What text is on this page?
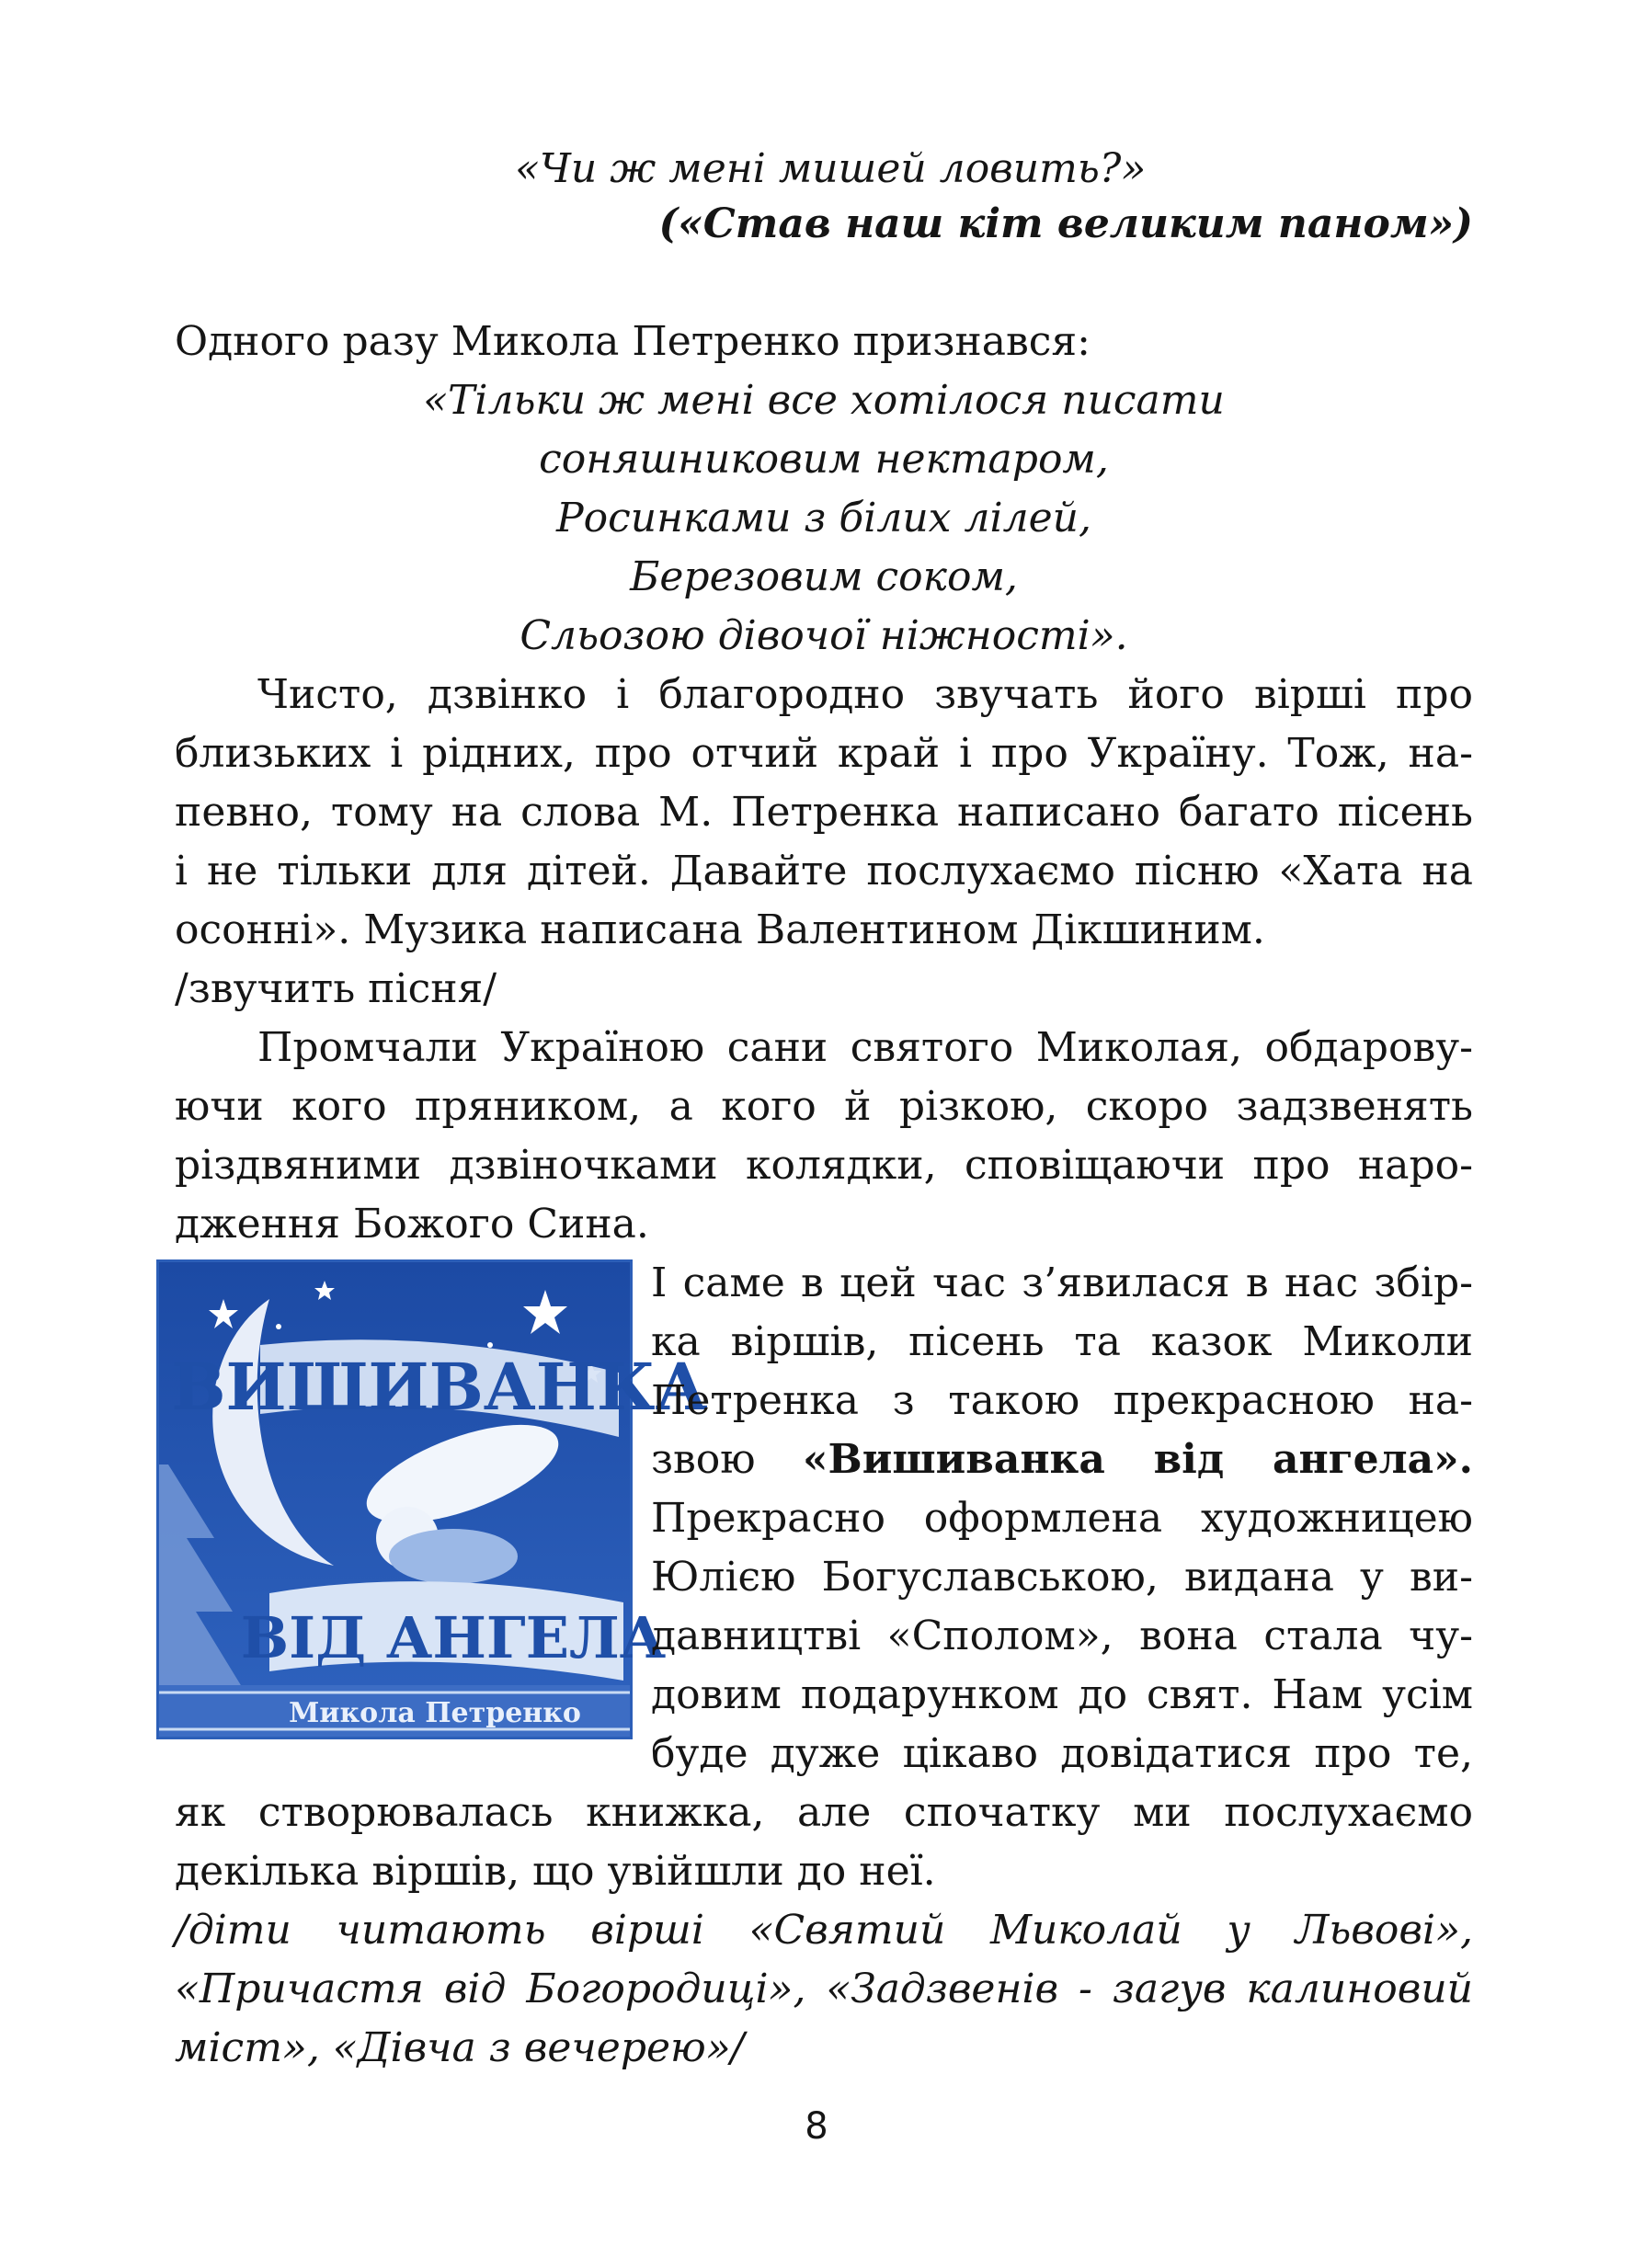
«Чи ж мені мишей ловить?»
(«Став наш кіт великим паном»)
Одного разу Микола Петренко признався:
«Тільки ж мені все хотілося писати
соняшниковим нектаром,
Росинками з білих лілей,
Березовим соком,
Сльозою дівочої ніжності».
Чисто, дзвінко і благородно звучать його вірші про
близьких і рідних, про отчий край і про Україну. Тож, на-
певно, тому на слова М. Петренка написано багато пісень
і не тільки для дітей. Давайте послухаємо пісню «Хата на
осонні». Музика написана Валентином Дікшиним.
/звучить пісня/
Промчали Україною сани святого Миколая, обдарову-
ючи кого пряником, а кого й різкою, скоро задзвенять
різдвяними дзвіночками колядки, сповіщаючи про наро-
дження Божого Сина.
ВИШИВАНКА
ВІД АНГЕЛА
Микола Петренко
І саме в цей час з’явилася в нас збір-
ка віршів, пісень та казок Миколи
Петренка з такою прекрасною на-
звою «Вишиванка від ангела».
Прекрасно оформлена художницею
Юлією Богуславською, видана у ви-
давництві «Сполом», вона стала чу-
довим подарунком до свят. Нам усім
буде дуже цікаво довідатися про те,
як створювалась книжка, але спочатку ми послухаємо
декілька віршів, що увійшли до неї.
/діти читають вірші «Святий Миколай у Львові»,
«Причастя від Богородиці», «Задзвенів - загув калиновий
міст», «Дівча з вечерею»/
8
